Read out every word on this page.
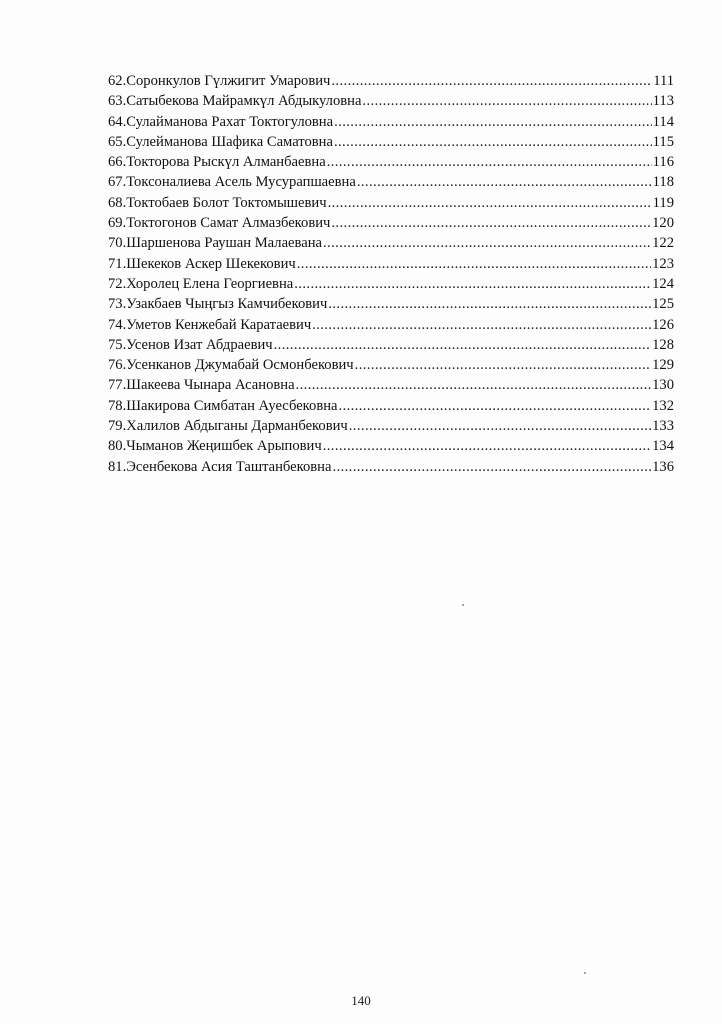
62.Соронкулов Гүлжигит Умарович .....	111
63.Сатыбекова Майрамкүл Абдыкуловна .....	113
64.Сулайманова Рахат Токтогуловна .....	114
65.Сулейманова Шафика Саматовна .....	115
66.Токторова Рыскүл Алманбаевна .....	116
67.Токсоналиева Асель Мусурапшаевна .....	118
68.Токтобаев Болот Токтомышевич .....	119
69.Токтогонов Самат Алмазбекович .....	120
70.Шаршенова Раушан Малаевана .....	122
71.Шекеков Аскер Шекекович .....	123
72.Хоролец Елена Георгиевна .....	124
73.Узакбаев Чыңгыз Камчибекович .....	125
74.Уметов Кенжебай Каратаевич .....	126
75.Усенов Изат Абдраевич .....	128
76.Усенканов Джумабай Осмонбекович .....	129
77.Шакеева Чынара Асановна .....	130
78.Шакирова Симбатан Ауесбековна .....	132
79.Халилов Абдыганы Дарманбекович .....	133
80.Чыманов Жеңишбек Арыпович .....	134
81.Эсенбекова Асия Таштанбековна .....	136
140
